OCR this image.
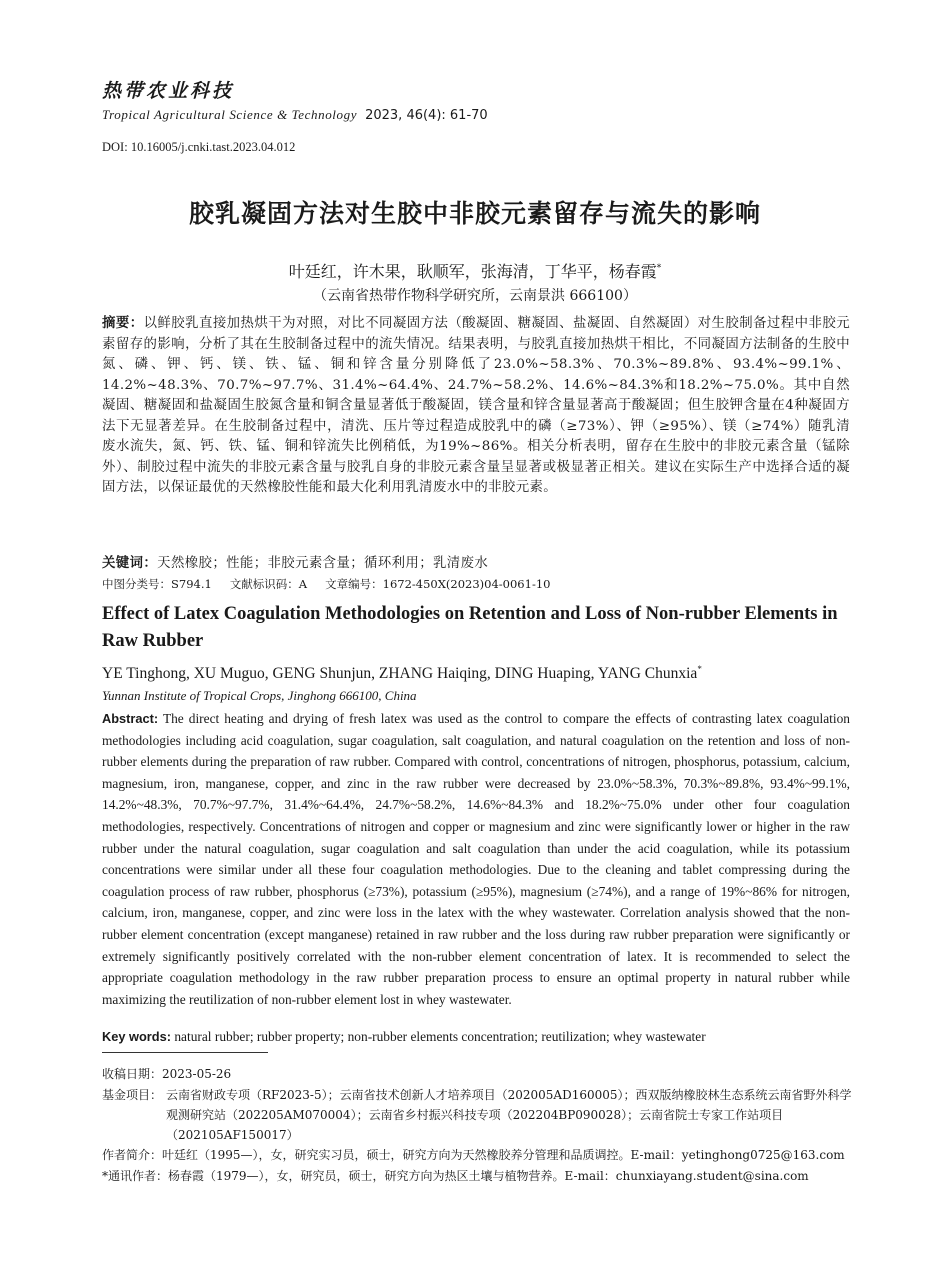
热带农业科技
Tropical Agricultural Science & Technology 2023, 46(4): 61-70
DOI: 10.16005/j.cnki.tast.2023.04.012
胶乳凝固方法对生胶中非胶元素留存与流失的影响
叶廷红，许木果，耿顺军，张海清，丁华平，杨春霞*
（云南省热带作物科学研究所，云南景洪 666100）
摘要：以鲜胶乳直接加热烘干为对照，对比不同凝固方法（酸凝固、糖凝固、盐凝固、自然凝固）对生胶制备过程中非胶元素留存的影响，分析了其在生胶制备过程中的流失情况。结果表明，与胶乳直接加热烘干相比，不同凝固方法制备的生胶中氮、磷、钾、钙、镁、铁、锰、铜和锌含量分别降低了23.0%~58.3%、70.3%~89.8%、93.4%~99.1%、14.2%~48.3%、70.7%~97.7%、31.4%~64.4%、24.7%~58.2%、14.6%~84.3%和18.2%~75.0%。其中自然凝固、糖凝固和盐凝固生胶氮含量和铜含量显著低于酸凝固，镁含量和锌含量显著高于酸凝固；但生胶钾含量在4种凝固方法下无显著差异。在生胶制备过程中，清洗、压片等过程造成胶乳中的磷（≥73%）、钾（≥95%）、镁（≥74%）随乳清废水流失，氮、钙、铁、锰、铜和锌流失比例稍低，为19%~86%。相关分析表明，留存在生胶中的非胶元素含量（锰除外）、制胶过程中流失的非胶元素含量与胶乳自身的非胶元素含量呈显著或极显著正相关。建议在实际生产中选择合适的凝固方法，以保证最优的天然橡胶性能和最大化利用乳清废水中的非胶元素。
关键词：天然橡胶；性能；非胶元素含量；循环利用；乳清废水
中图分类号：S794.1 文献标识码：A 文章编号：1672-450X(2023)04-0061-10
Effect of Latex Coagulation Methodologies on Retention and Loss of Non-rubber Elements in Raw Rubber
YE Tinghong, XU Muguo, GENG Shunjun, ZHANG Haiqing, DING Huaping, YANG Chunxia*
Yunnan Institute of Tropical Crops, Jinghong 666100, China
Abstract: The direct heating and drying of fresh latex was used as the control to compare the effects of contrasting latex coagulation methodologies including acid coagulation, sugar coagulation, salt coagulation, and natural coagulation on the retention and loss of non-rubber elements during the preparation of raw rubber. Compared with control, concentrations of nitrogen, phosphorus, potassium, calcium, magnesium, iron, manganese, copper, and zinc in the raw rubber were decreased by 23.0%~58.3%, 70.3%~89.8%, 93.4%~99.1%, 14.2%~48.3%, 70.7%~97.7%, 31.4%~64.4%, 24.7%~58.2%, 14.6%~84.3% and 18.2%~75.0% under other four coagulation methodologies, respectively. Concentrations of nitrogen and copper or magnesium and zinc were significantly lower or higher in the raw rubber under the natural coagulation, sugar coagulation and salt coagulation than under the acid coagulation, while its potassium concentrations were similar under all these four coagulation methodologies. Due to the cleaning and tablet compressing during the coagulation process of raw rubber, phosphorus (≥73%), potassium (≥95%), magnesium (≥74%), and a range of 19%~86% for nitrogen, calcium, iron, manganese, copper, and zinc were loss in the latex with the whey wastewater. Correlation analysis showed that the non-rubber element concentration (except manganese) retained in raw rubber and the loss during raw rubber preparation were significantly or extremely significantly positively correlated with the non-rubber element concentration of latex. It is recommended to select the appropriate coagulation methodology in the raw rubber preparation process to ensure an optimal property in natural rubber while maximizing the reutilization of non-rubber element lost in whey wastewater.
Key words: natural rubber; rubber property; non-rubber elements concentration; reutilization; whey wastewater
收稿日期：2023-05-26
基金项目： 云南省财政专项（RF2023-5）；云南省技术创新人才培养项目（202005AD160005）；西双版纳橡胶林生态系统云南省野外科学观测研究站（202205AM070004）；云南省乡村振兴科技专项（202204BP090028）；云南省院士专家工作站项目（202105AF150017）
作者简介：叶廷红（1995—），女，研究实习员，硕士，研究方向为天然橡胶养分管理和品质调控。E-mail：yetinghong0725@163.com
*通讯作者：杨春霞（1979—），女，研究员，硕士，研究方向为热区土壤与植物营养。E-mail：chunxiayang.student@sina.com
